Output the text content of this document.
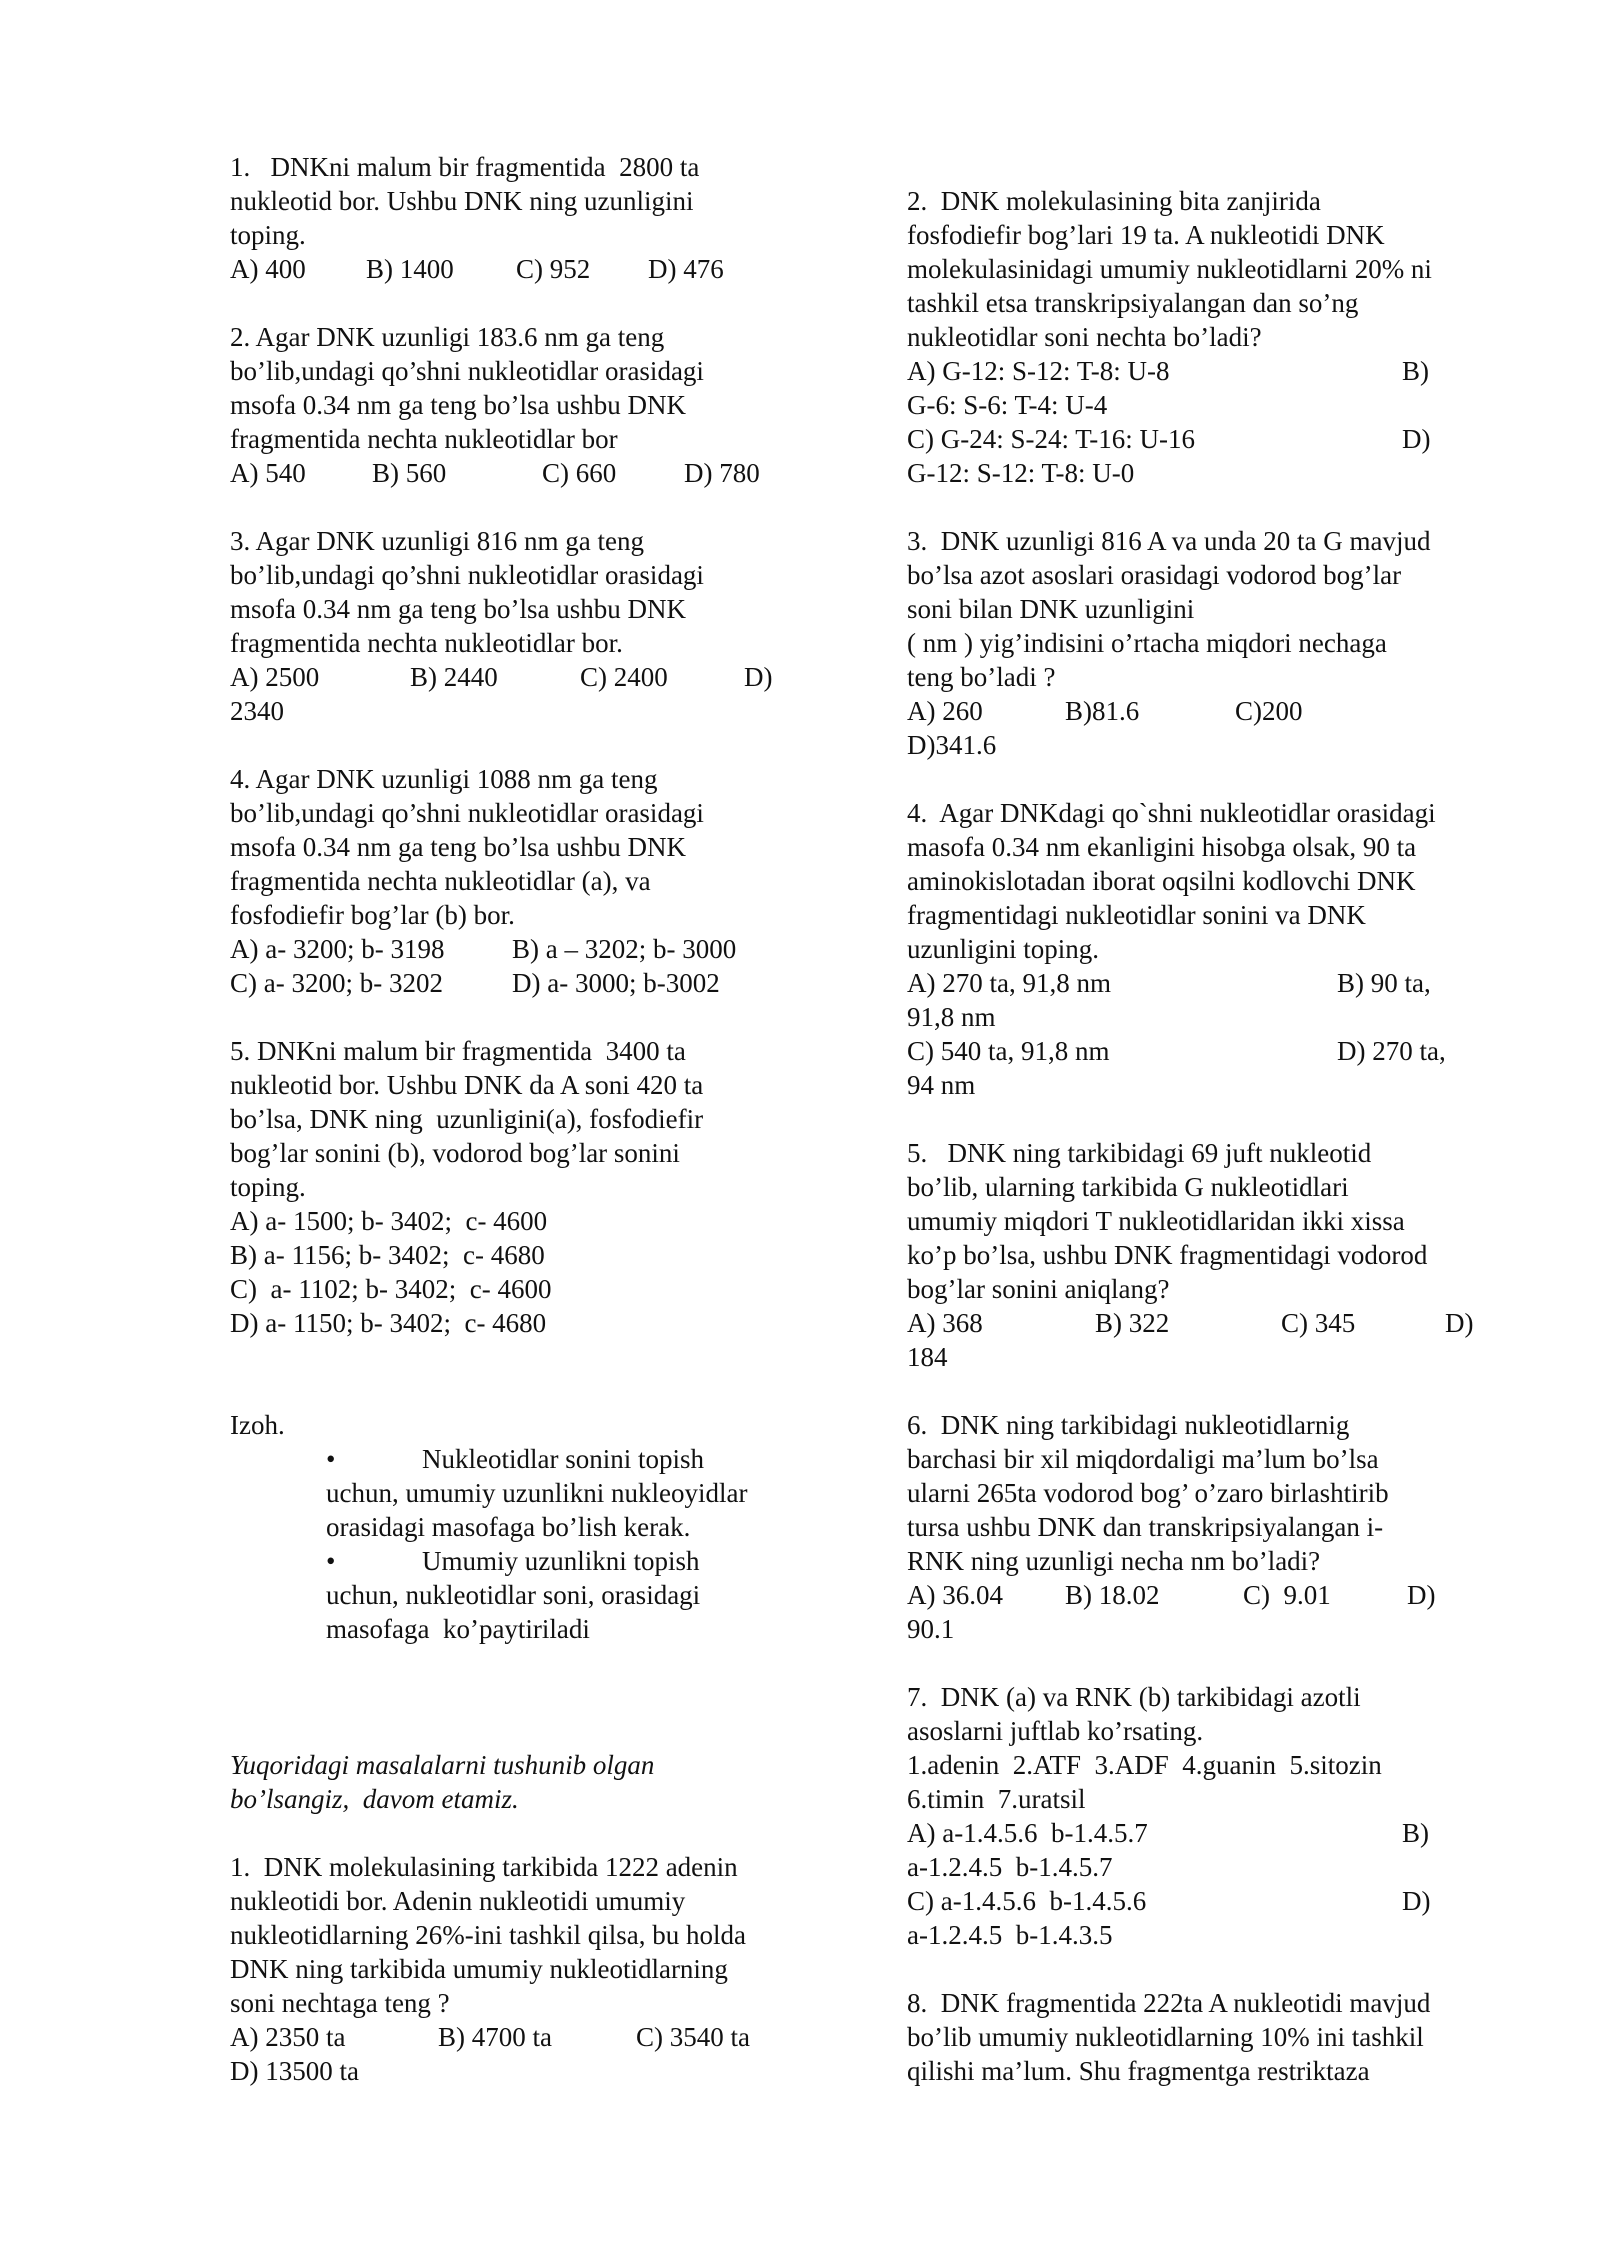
1.   DNKni malum bir fragmentida  2800 ta
nukleotid bor. Ushbu DNK ning uzunligini
toping.
A) 400	B) 1400	C) 952	D) 476
2. Agar DNK uzunligi 183.6 nm ga teng
bo’lib,undagi qo’shni nukleotidlar orasidagi
msofa 0.34 nm ga teng bo’lsa ushbu DNK
fragmentida nechta nukleotidlar bor
A) 540	B) 560	C) 660	D) 780
3. Agar DNK uzunligi 816 nm ga teng
bo’lib,undagi qo’shni nukleotidlar orasidagi
msofa 0.34 nm ga teng bo’lsa ushbu DNK
fragmentida nechta nukleotidlar bor.
A) 2500	B) 2440	C) 2400	D)
2340
4. Agar DNK uzunligi 1088 nm ga teng
bo’lib,undagi qo’shni nukleotidlar orasidagi
msofa 0.34 nm ga teng bo’lsa ushbu DNK
fragmentida nechta nukleotidlar (a), va
fosfodiefir bog’lar (b) bor.
A) a- 3200; b- 3198	B) a – 3202; b- 3000
C) a- 3200; b- 3202	D) a- 3000; b-3002
5. DNKni malum bir fragmentida  3400 ta
nukleotid bor. Ushbu DNK da A soni 420 ta
bo’lsa, DNK ning  uzunligini(a), fosfodiefir
bog’lar sonini (b), vodorod bog’lar sonini
toping.
A) a- 1500; b- 3402;  c- 4600
B) a- 1156; b- 3402;  c- 4680
C)  a- 1102; b- 3402;  c- 4600
D) a- 1150; b- 3402;  c- 4680
Izoh.
•	Nukleotidlar sonini topish
uchun, umumiy uzunlikni nukleoyidlar
orasidagi masofaga bo’lish kerak.
•	Umumiy uzunlikni topish
uchun, nukleotidlar soni, orasidagi
masofaga  ko’paytiriladi
Yuqoridagi masalalarni tushunib olgan
bo’lsangiz,  davom etamiz.
1.  DNK molekulasining tarkibida 1222 adenin
nukleotidi bor. Adenin nukleotidi umumiy
nukleotidlarning 26%-ini tashkil qilsa, bu holda
DNK ning tarkibida umumiy nukleotidlarning
soni nechtaga teng ?
A) 2350 ta	B) 4700 ta	C) 3540 ta
D) 13500 ta
2.  DNK molekulasining bita zanjirida
fosfodiefir bog’lari 19 ta. A nukleotidi DNK
molekulasinidagi umumiy nukleotidlarni 20% ni
tashkil etsa transkripsiyalangan dan so’ng
nukleotidlar soni nechta bo’ladi?
A) G-12: S-12: T-8: U-8	B)
G-6: S-6: T-4: U-4
C) G-24: S-24: T-16: U-16	D)
G-12: S-12: T-8: U-0
3.  DNK uzunligi 816 A va unda 20 ta G mavjud
bo’lsa azot asoslari orasidagi vodorod bog’lar
soni bilan DNK uzunligini
( nm ) yig’indisini o’rtacha miqdori nechaga
teng bo’ladi ?
A) 260	B)81.6	C)200
D)341.6
4.  Agar DNKdagi qo`shni nukleotidlar orasidagi
masofa 0.34 nm ekanligini hisobga olsak, 90 ta
aminokislotadan iborat oqsilni kodlovchi DNK
fragmentidagi nukleotidlar sonini va DNK
uzunligini toping.
A) 270 ta, 91,8 nm	B) 90 ta,
91,8 nm
C) 540 ta, 91,8 nm	D) 270 ta,
94 nm
5.   DNK ning tarkibidagi 69 juft nukleotid
bo’lib, ularning tarkibida G nukleotidlari
umumiy miqdori T nukleotidlaridan ikki xissa
ko’p bo’lsa, ushbu DNK fragmentidagi vodorod
bog’lar sonini aniqlang?
A) 368	B) 322	C) 345	D)
184
6.  DNK ning tarkibidagi nukleotidlarnig
barchasi bir xil miqdordaligi ma’lum bo’lsa
ularni 265ta vodorod bog’ o’zaro birlashtirib
tursa ushbu DNK dan transkripsiyalangan i-
RNK ning uzunligi necha nm bo’ladi?
A) 36.04	B) 18.02	C)  9.01	D)
90.1
7.  DNK (a) va RNK (b) tarkibidagi azotli
asoslarni juftlab ko’rsating.
1.adenin  2.ATF  3.ADF  4.guanin  5.sitozin
6.timin  7.uratsil
A) a-1.4.5.6  b-1.4.5.7	B)
a-1.2.4.5  b-1.4.5.7
C) a-1.4.5.6  b-1.4.5.6	D)
a-1.2.4.5  b-1.4.3.5
8.  DNK fragmentida 222ta A nukleotidi mavjud
bo’lib umumiy nukleotidlarning 10% ini tashkil
qilishi ma’lum. Shu fragmentga restriktaza
